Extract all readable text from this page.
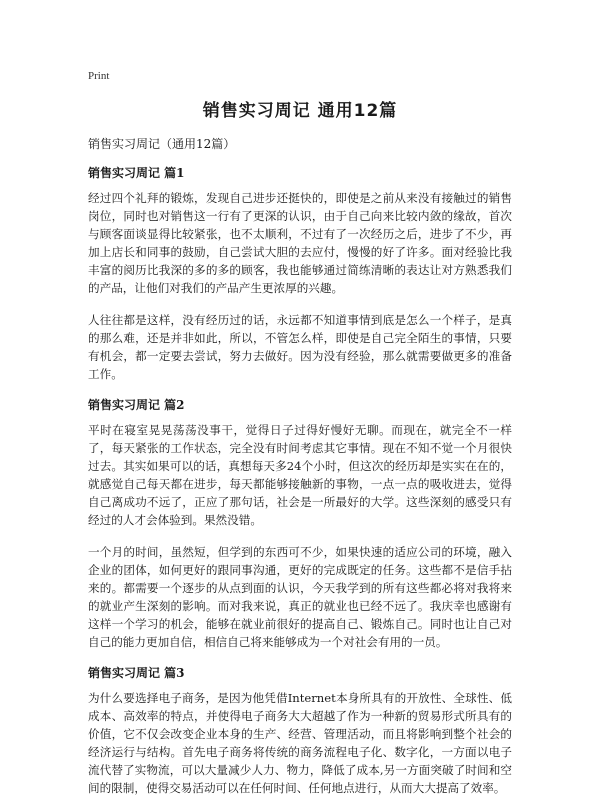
Print
销售实习周记 通用12篇

销售实习周记（通用12篇）

销售实习周记 篇1

经过四个礼拜的锻炼，发现自己进步还挺快的，即使是之前从来没有接触过的销售岗位，同时也对销售这一行有了更深的认识，由于自己向来比较内敛的缘故，首次与顾客面谈显得比较紧张，也不太顺利，不过有了一次经历之后，进步了不少，再加上店长和同事的鼓励，自己尝试大胆的去应付，慢慢的好了许多。面对经验比我丰富的阅历比我深的多的多的顾客，我也能够通过简练清晰的表达让对方熟悉我们的产品，让他们对我们的产品产生更浓厚的兴趣。

人往往都是这样，没有经历过的话，永远都不知道事情到底是怎么一个样子，是真的那么难，还是并非如此，所以，不管怎么样，即使是自己完全陌生的事情，只要有机会，都一定要去尝试，努力去做好。因为没有经验，那么就需要做更多的准备工作。

销售实习周记 篇2

平时在寝室晃晃荡荡没事干，觉得日子过得好慢好无聊。而现在，就完全不一样了，每天紧张的工作状态，完全没有时间考虑其它事情。现在不知不觉一个月很快过去。其实如果可以的话，真想每天多24个小时，但这次的经历却是实实在在的，就感觉自己每天都在进步，每天都能够接触新的事物，一点一点的吸收进去，觉得自己离成功不远了，正应了那句话，社会是一所最好的大学。这些深刻的感受只有经过的人才会体验到。果然没错。

一个月的时间，虽然短，但学到的东西可不少，如果快速的适应公司的环境，融入企业的团体，如何更好的跟同事沟通，更好的完成既定的任务。这些都不是信手拈来的。都需要一个逐步的从点到面的认识，今天我学到的所有这些都必将对我将来的就业产生深刻的影响。而对我来说，真正的就业也已经不远了。我庆幸也感谢有这样一个学习的机会，能够在就业前很好的提高自己、锻炼自己。同时也让自己对自己的能力更加自信，相信自己将来能够成为一个对社会有用的一员。

销售实习周记 篇3

为什么要选择电子商务，是因为他凭借Internet本身所具有的开放性、全球性、低成本、高效率的特点，并使得电子商务大大超越了作为一种新的贸易形式所具有的价值，它不仅会改变企业本身的生产、经营、管理活动，而且将影响到整个社会的经济运行与结构。首先电子商务将传统的商务流程电子化、数字化，一方面以电子流代替了实物流，可以大量减少人力、物力，降低了成本,另一方面突破了时间和空间的限制，使得交易活动可以在任何时间、任何地点进行，从而大大提高了效率。
